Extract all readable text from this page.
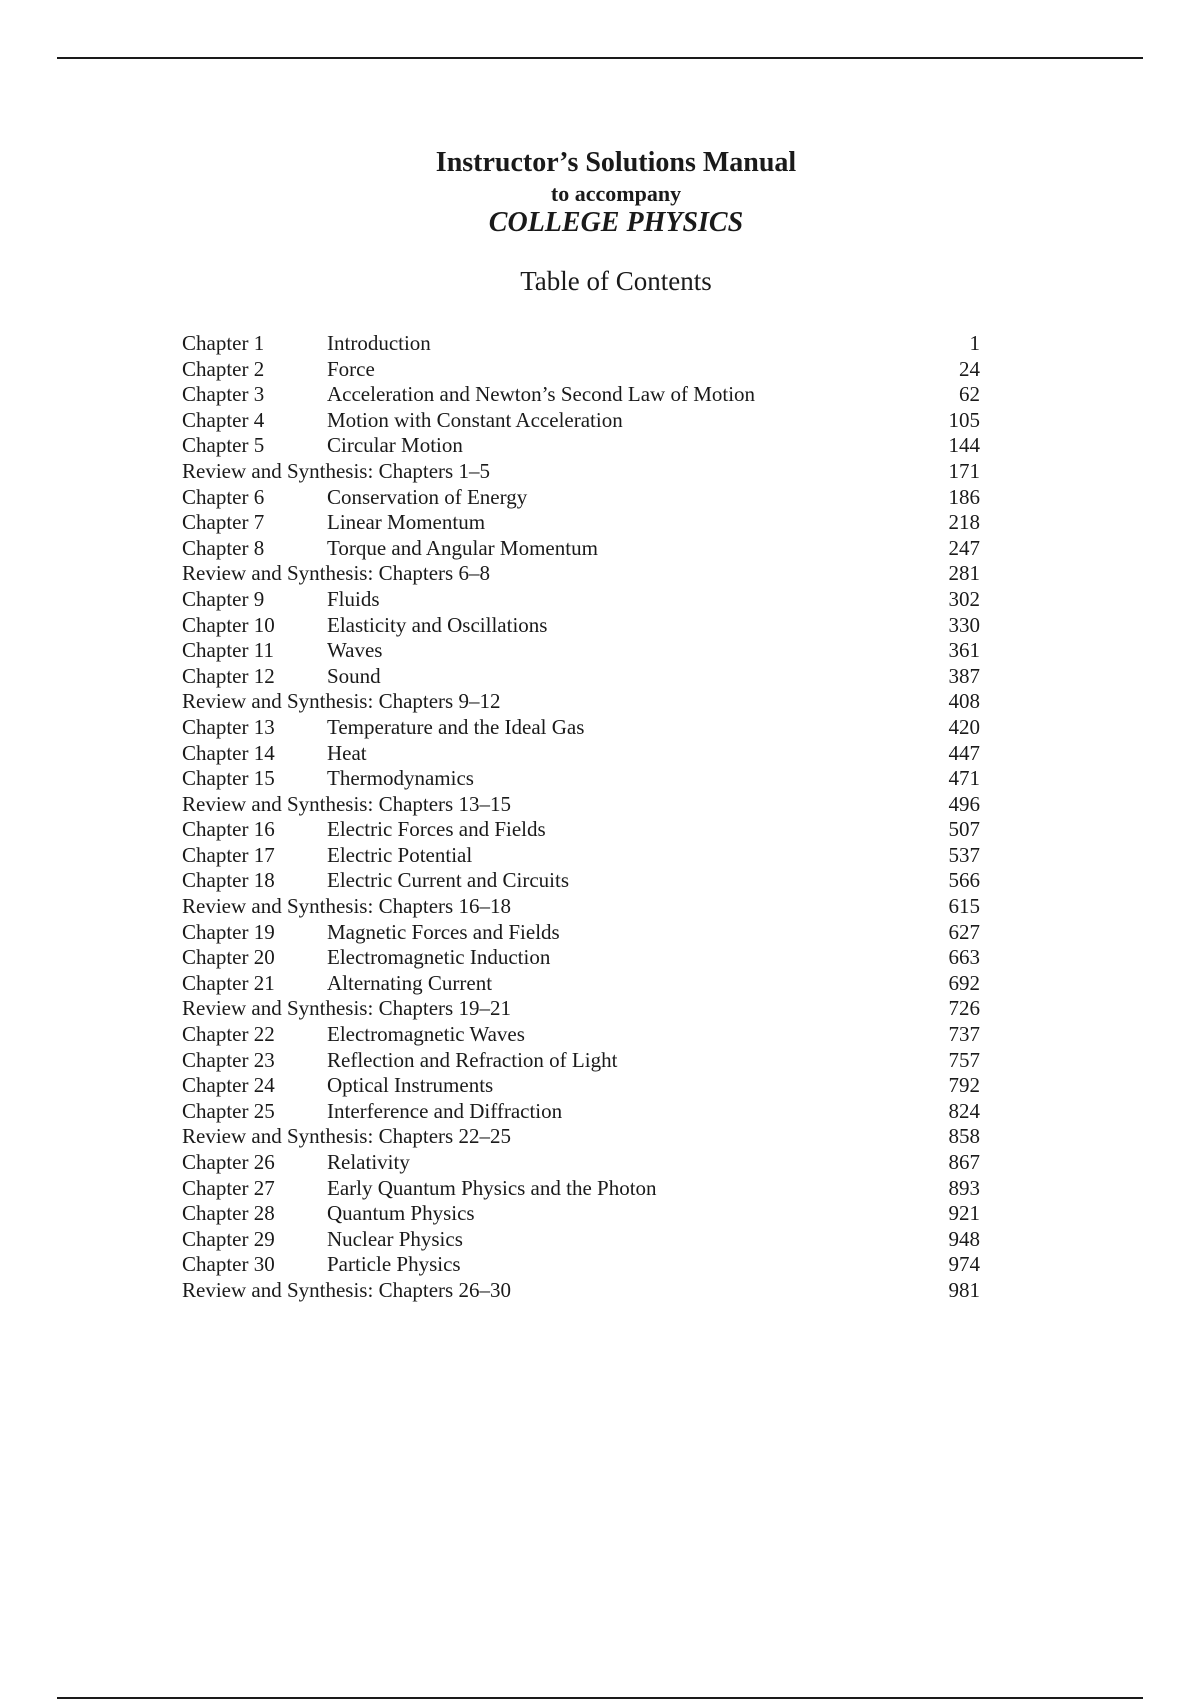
Instructor’s Solutions Manual
to accompany
COLLEGE PHYSICS
Table of Contents
Chapter 1	Introduction	1
Chapter 2	Force	24
Chapter 3	Acceleration and Newton’s Second Law of Motion	62
Chapter 4	Motion with Constant Acceleration	105
Chapter 5	Circular Motion	144
Review and Synthesis: Chapters 1–5	171
Chapter 6	Conservation of Energy	186
Chapter 7	Linear Momentum	218
Chapter 8	Torque and Angular Momentum	247
Review and Synthesis: Chapters 6–8	281
Chapter 9	Fluids	302
Chapter 10 Elasticity and Oscillations	330
Chapter 11	Waves	361
Chapter 12 Sound	387
Review and Synthesis: Chapters 9–12	408
Chapter 13 Temperature and the Ideal Gas	420
Chapter 14 Heat	447
Chapter 15 Thermodynamics	471
Review and Synthesis: Chapters 13–15	496
Chapter 16 Electric Forces and Fields	507
Chapter 17 Electric Potential	537
Chapter 18 Electric Current and Circuits	566
Review and Synthesis: Chapters 16–18	615
Chapter 19 Magnetic Forces and Fields	627
Chapter 20 Electromagnetic Induction	663
Chapter 21 Alternating Current	692
Review and Synthesis: Chapters 19–21	726
Chapter 22 Electromagnetic Waves	737
Chapter 23 Reflection and Refraction of Light	757
Chapter 24 Optical Instruments	792
Chapter 25 Interference and Diffraction	824
Review and Synthesis: Chapters 22–25	858
Chapter 26 Relativity	867
Chapter 27 Early Quantum Physics and the Photon	893
Chapter 28 Quantum Physics	921
Chapter 29 Nuclear Physics	948
Chapter 30 Particle Physics	974
Review and Synthesis: Chapters 26–30	981
